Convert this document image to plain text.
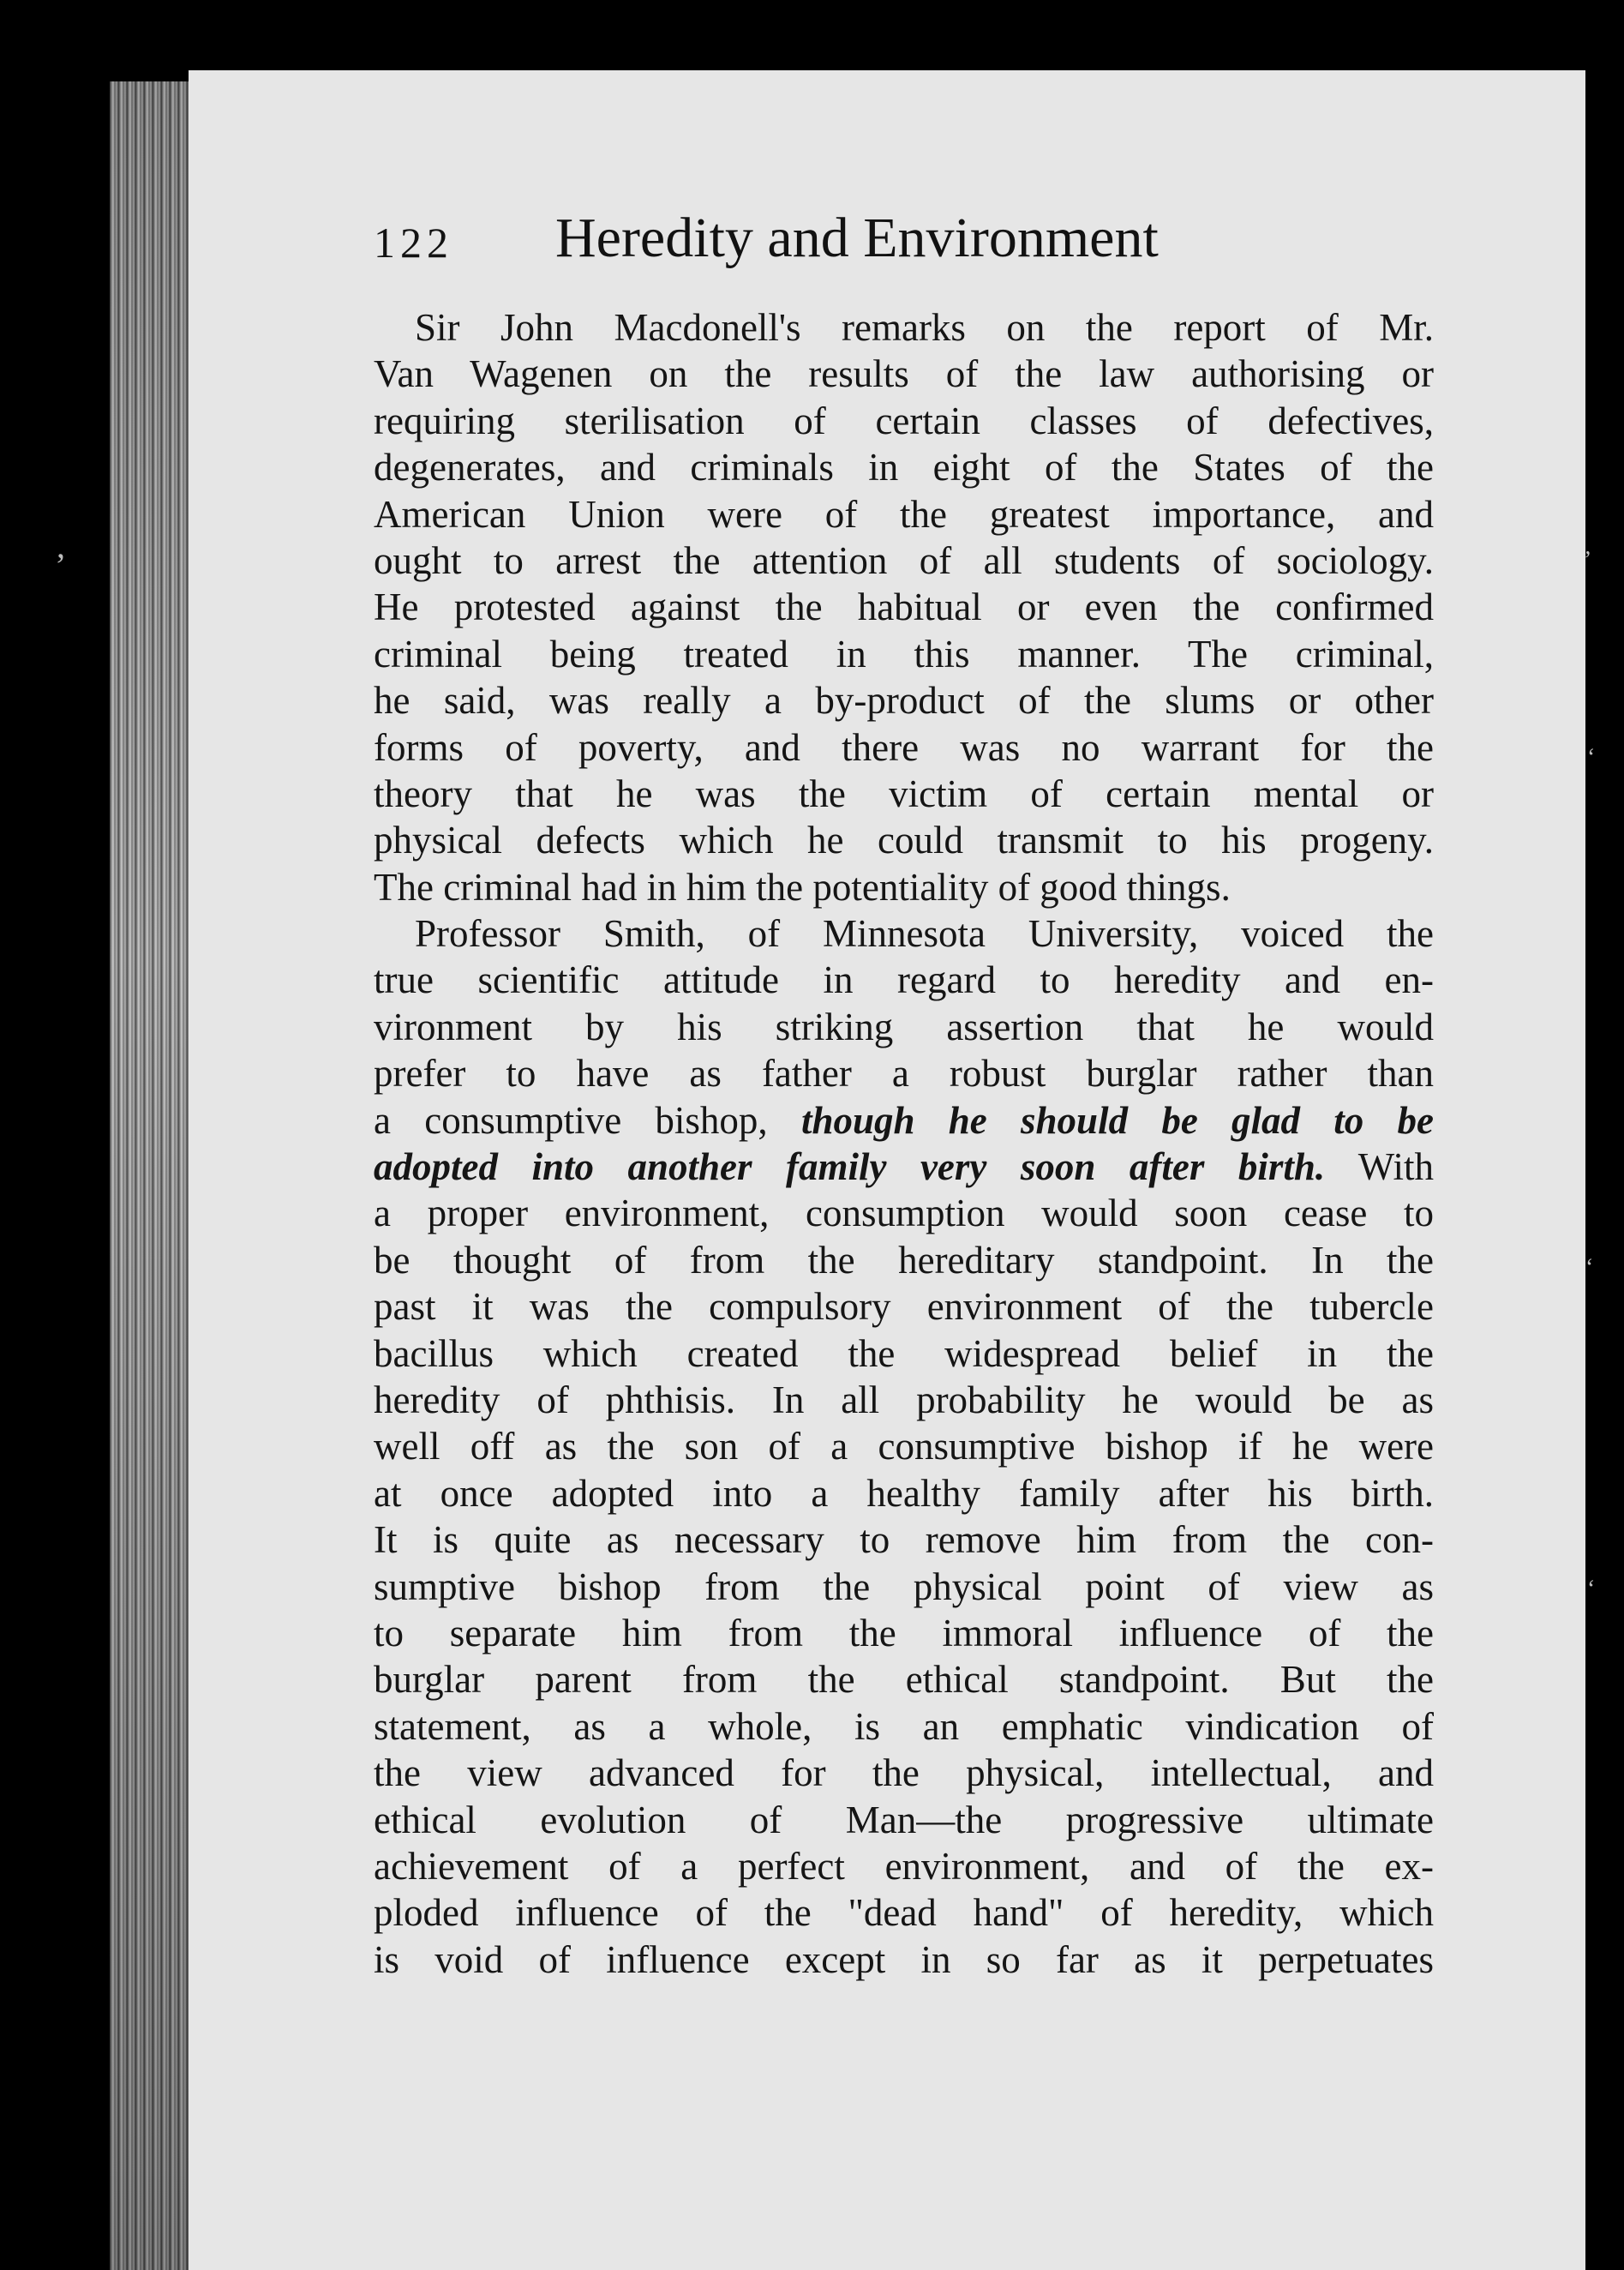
’
‘
‘
‘
’
122 Heredity and Environment
Sir John Macdonell's remarks on the report of Mr.
Van Wagenen on the results of the law authorising or
requiring sterilisation of certain classes of defectives,
degenerates, and criminals in eight of the States of the
American Union were of the greatest importance, and
ought to arrest the attention of all students of sociology.
He protested against the habitual or even the confirmed
criminal being treated in this manner. The criminal,
he said, was really a by-product of the slums or other
forms of poverty, and there was no warrant for the
theory that he was the victim of certain mental or
physical defects which he could transmit to his progeny.
The criminal had in him the potentiality of good things.
Professor Smith, of Minnesota University, voiced the
true scientific attitude in regard to heredity and en-
vironment by his striking assertion that he would
prefer to have as father a robust burglar rather than
a consumptive bishop, though he should be glad to be
adopted into another family very soon after birth. With
a proper environment, consumption would soon cease to
be thought of from the hereditary standpoint. In the
past it was the compulsory environment of the tubercle
bacillus which created the widespread belief in the
heredity of phthisis. In all probability he would be as
well off as the son of a consumptive bishop if he were
at once adopted into a healthy family after his birth.
It is quite as necessary to remove him from the con-
sumptive bishop from the physical point of view as
to separate him from the immoral influence of the
burglar parent from the ethical standpoint. But the
statement, as a whole, is an emphatic vindication of
the view advanced for the physical, intellectual, and
ethical evolution of Man—the progressive ultimate
achievement of a perfect environment, and of the ex-
ploded influence of the "dead hand" of heredity, which
is void of influence except in so far as it perpetuates
